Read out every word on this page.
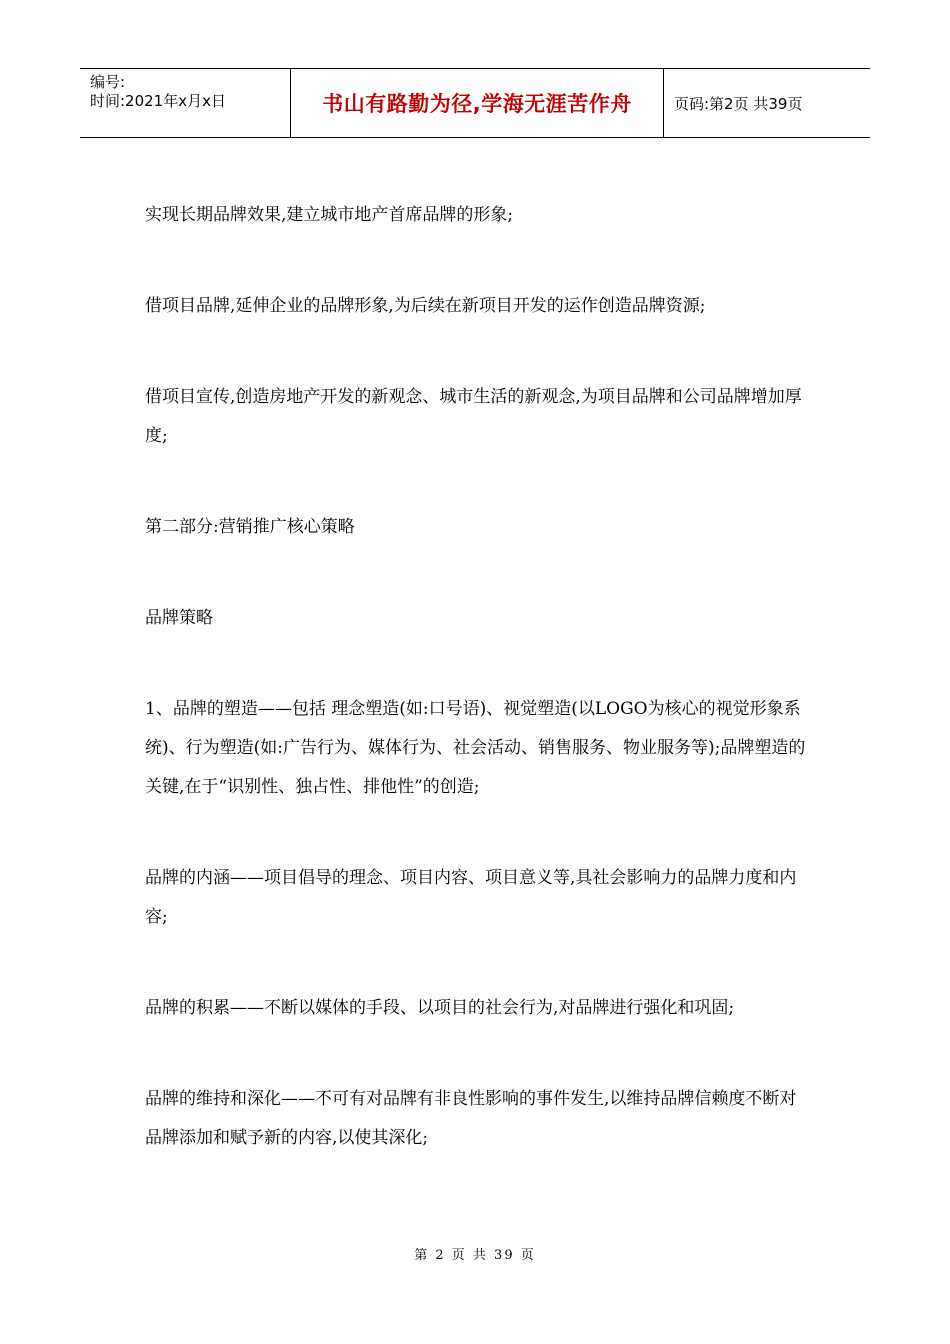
编号:
时间:2021年x月x日	书山有路勤为径,学海无涯苦作舟	页码:第2页 共39页

实现长期品牌效果,建立城市地产首席品牌的形象;

借项目品牌,延伸企业的品牌形象,为后续在新项目开发的运作创造品牌资源;

借项目宣传,创造房地产开发的新观念、城市生活的新观念,为项目品牌和公司品牌增加厚度;

第二部分:营销推广核心策略

品牌策略

1、品牌的塑造——包括 理念塑造(如:口号语)、视觉塑造(以LOGO为核心的视觉形象系统)、行为塑造(如:广告行为、媒体行为、社会活动、销售服务、物业服务等);品牌塑造的关键,在于“识别性、独占性、排他性”的创造;

品牌的内涵——项目倡导的理念、项目内容、项目意义等,具社会影响力的品牌力度和内容;

品牌的积累——不断以媒体的手段、以项目的社会行为,对品牌进行强化和巩固;

品牌的维持和深化——不可有对品牌有非良性影响的事件发生,以维持品牌信赖度不断对品牌添加和赋予新的内容,以使其深化;

第 2 页 共 39 页
